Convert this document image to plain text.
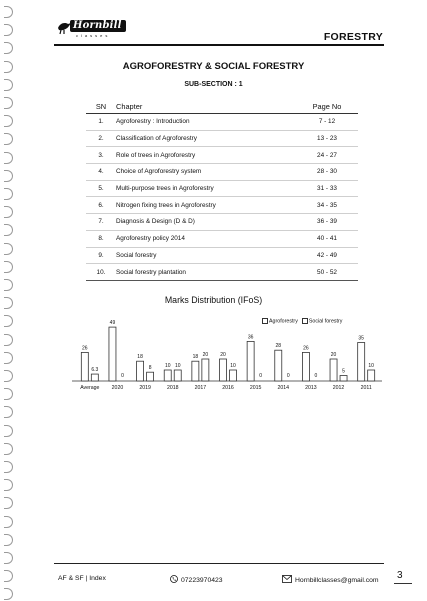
Hornbill
classes	FORESTRY
AGROFORESTRY & SOCIAL FORESTRY
SUB-SECTION : 1
SN	Chapter	Page No
1.	Agroforestry : Introduction	7 - 12
2.	Classification of Agroforestry	13 - 23
3.	Role of trees in Agroforestry	24 - 27
4.	Choice of Agroforestry system	28 - 30
5.	Multi-purpose trees in Agroforestry	31 - 33
6.	Nitrogen fixing trees in Agroforestry	34 - 35
7.	Diagnosis & Design (D & D)	36 - 39
8.	Agroforestry policy 2014	40 - 41
9.	Social forestry	42 - 49
10.	Social forestry plantation	50 - 52
Marks Distribution (IFoS)
Agroforestry	Social forestry
26
6.3
Average
49
0
2020
18
8
2019
10 10
2018
18 20
2017
20
10
2016
36
0
2015
28
0
2014
26
0
2013
20
5
2012
35
10
2011
AF & SF | Index	07223970423	Hornbillclasses@gmail.com 3
